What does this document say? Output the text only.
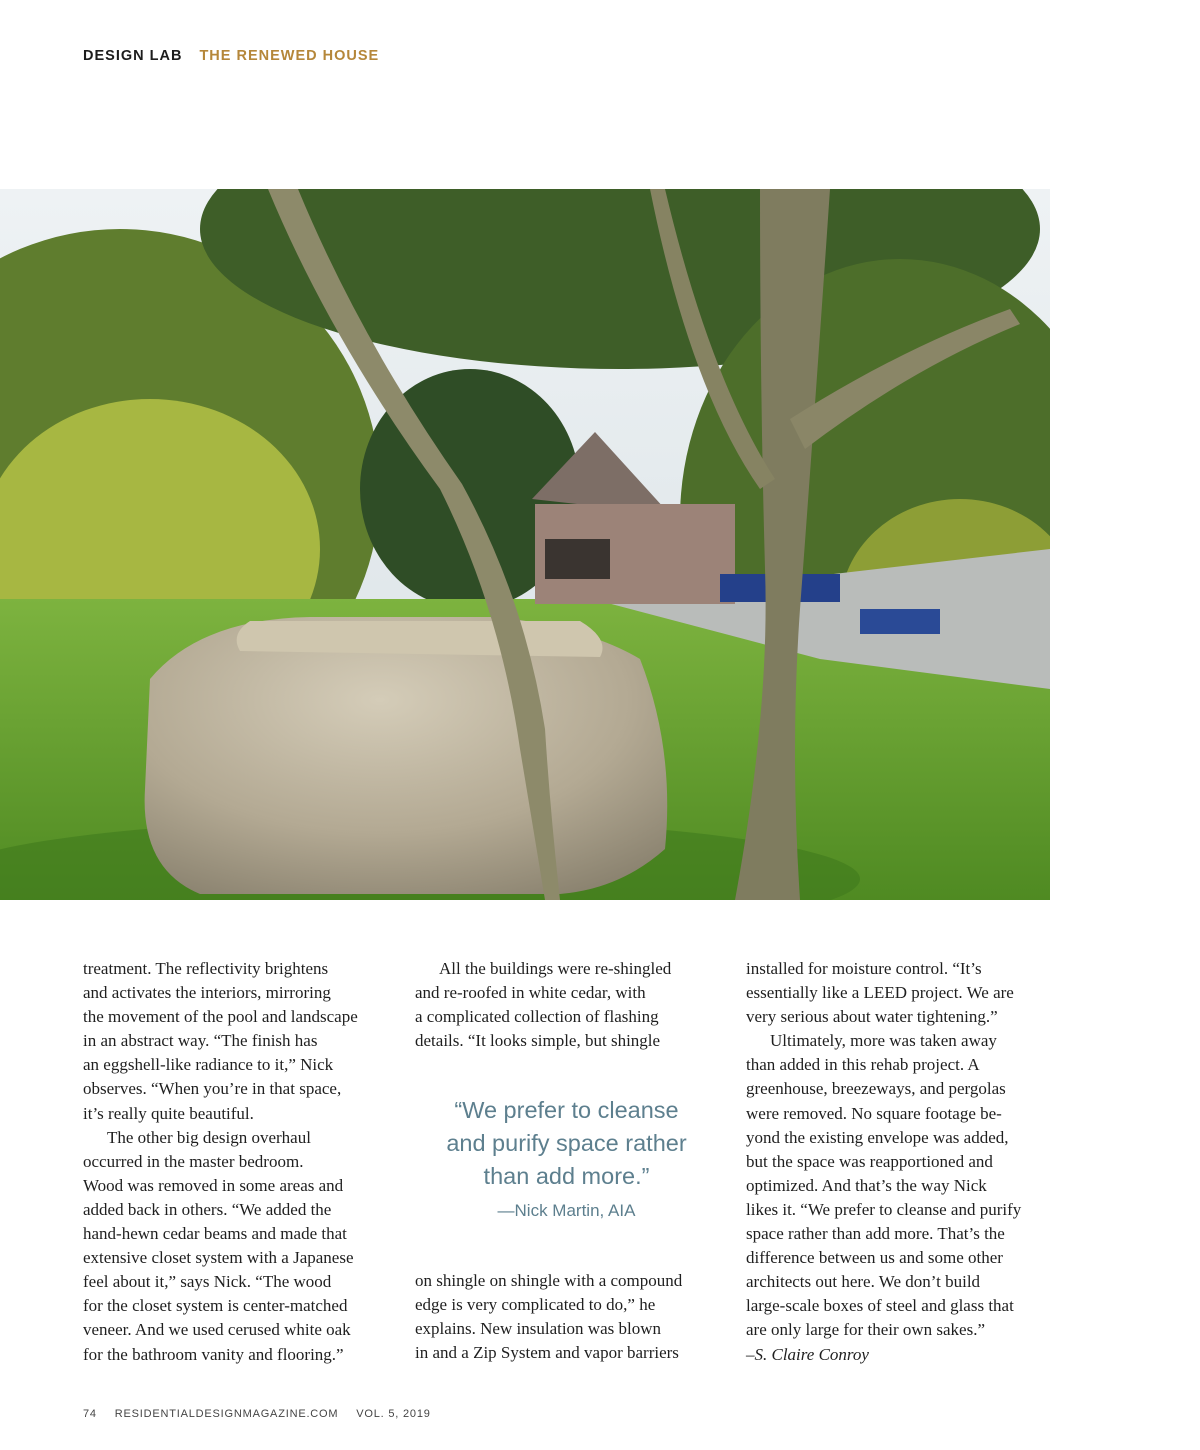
DESIGN LAB THE RENEWED HOUSE

treatment. The reflectivity brightens

and activates the interiors, mirroring

the movement of the pool and landscape

in an abstract way. “The finish has

an eggshell-like radiance to it,” Nick

observes. “When you’re in that space,

it’s really quite beautiful.

The other big design overhaul

occurred in the master bedroom.

Wood was removed in some areas and

added back in others. “We added the

hand-hewn cedar beams and made that

extensive closet system with a Japanese

feel about it,” says Nick. “The wood

for the closet system is center-matched

veneer. And we used cerused white oak

for the bathroom vanity and flooring.”

All the buildings were re-shingled

and re-roofed in white cedar, with

a complicated collection of flashing

details. “It looks simple, but shingle

“We prefer to cleanse

and purify space rather

than add more.”

—Nick Martin, AIA

on shingle on shingle with a compound

edge is very complicated to do,” he

explains. New insulation was blown

in and a Zip System and vapor barriers

installed for moisture control. “It’s

essentially like a LEED project. We are

very serious about water tightening.”

Ultimately, more was taken away

than added in this rehab project. A

greenhouse, breezeways, and pergolas

were removed. No square footage be-

yond the existing envelope was added,

but the space was reapportioned and

optimized. And that’s the way Nick

likes it. “We prefer to cleanse and purify

space rather than add more. That’s the

difference between us and some other

architects out here. We don’t build

large-scale boxes of steel and glass that

are only large for their own sakes.”

–S. Claire Conroy

74 RESIDENTIALDESIGNMAGAZINE.COM VOL. 5, 2019
